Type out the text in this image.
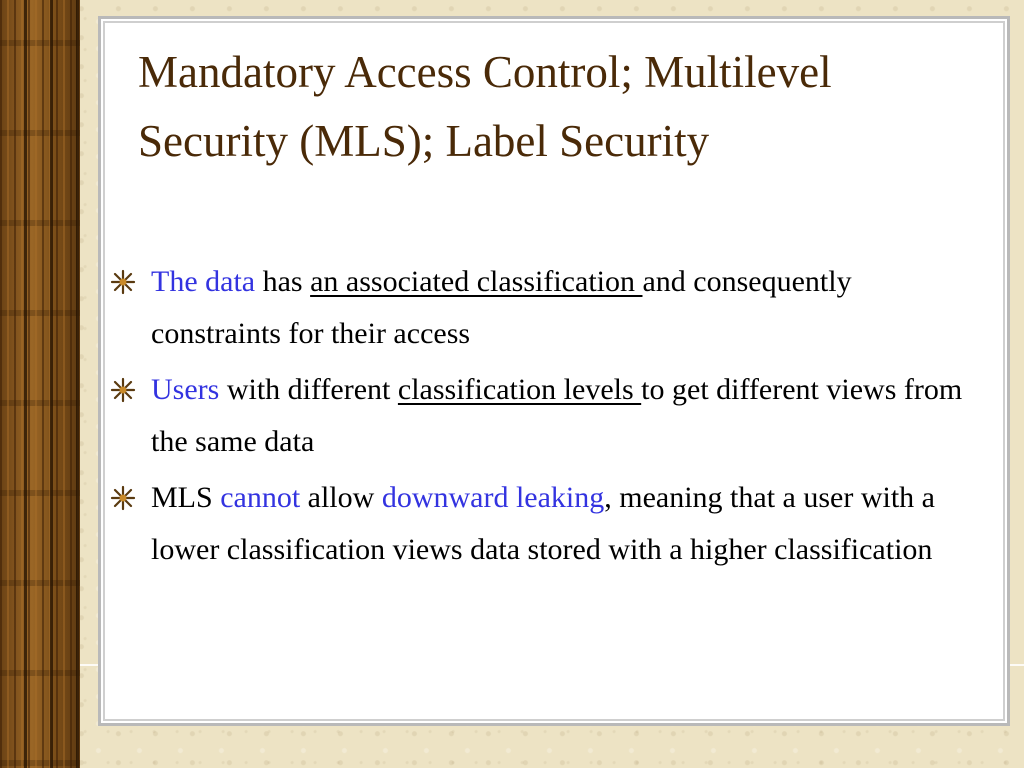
Mandatory Access Control; Multilevel Security (MLS); Label Security
The data has an associated classification and consequently constraints for their access
Users with different classification levels to get different views from the same data
MLS cannot allow downward leaking, meaning that a user with a lower classification views data stored with a higher classification
